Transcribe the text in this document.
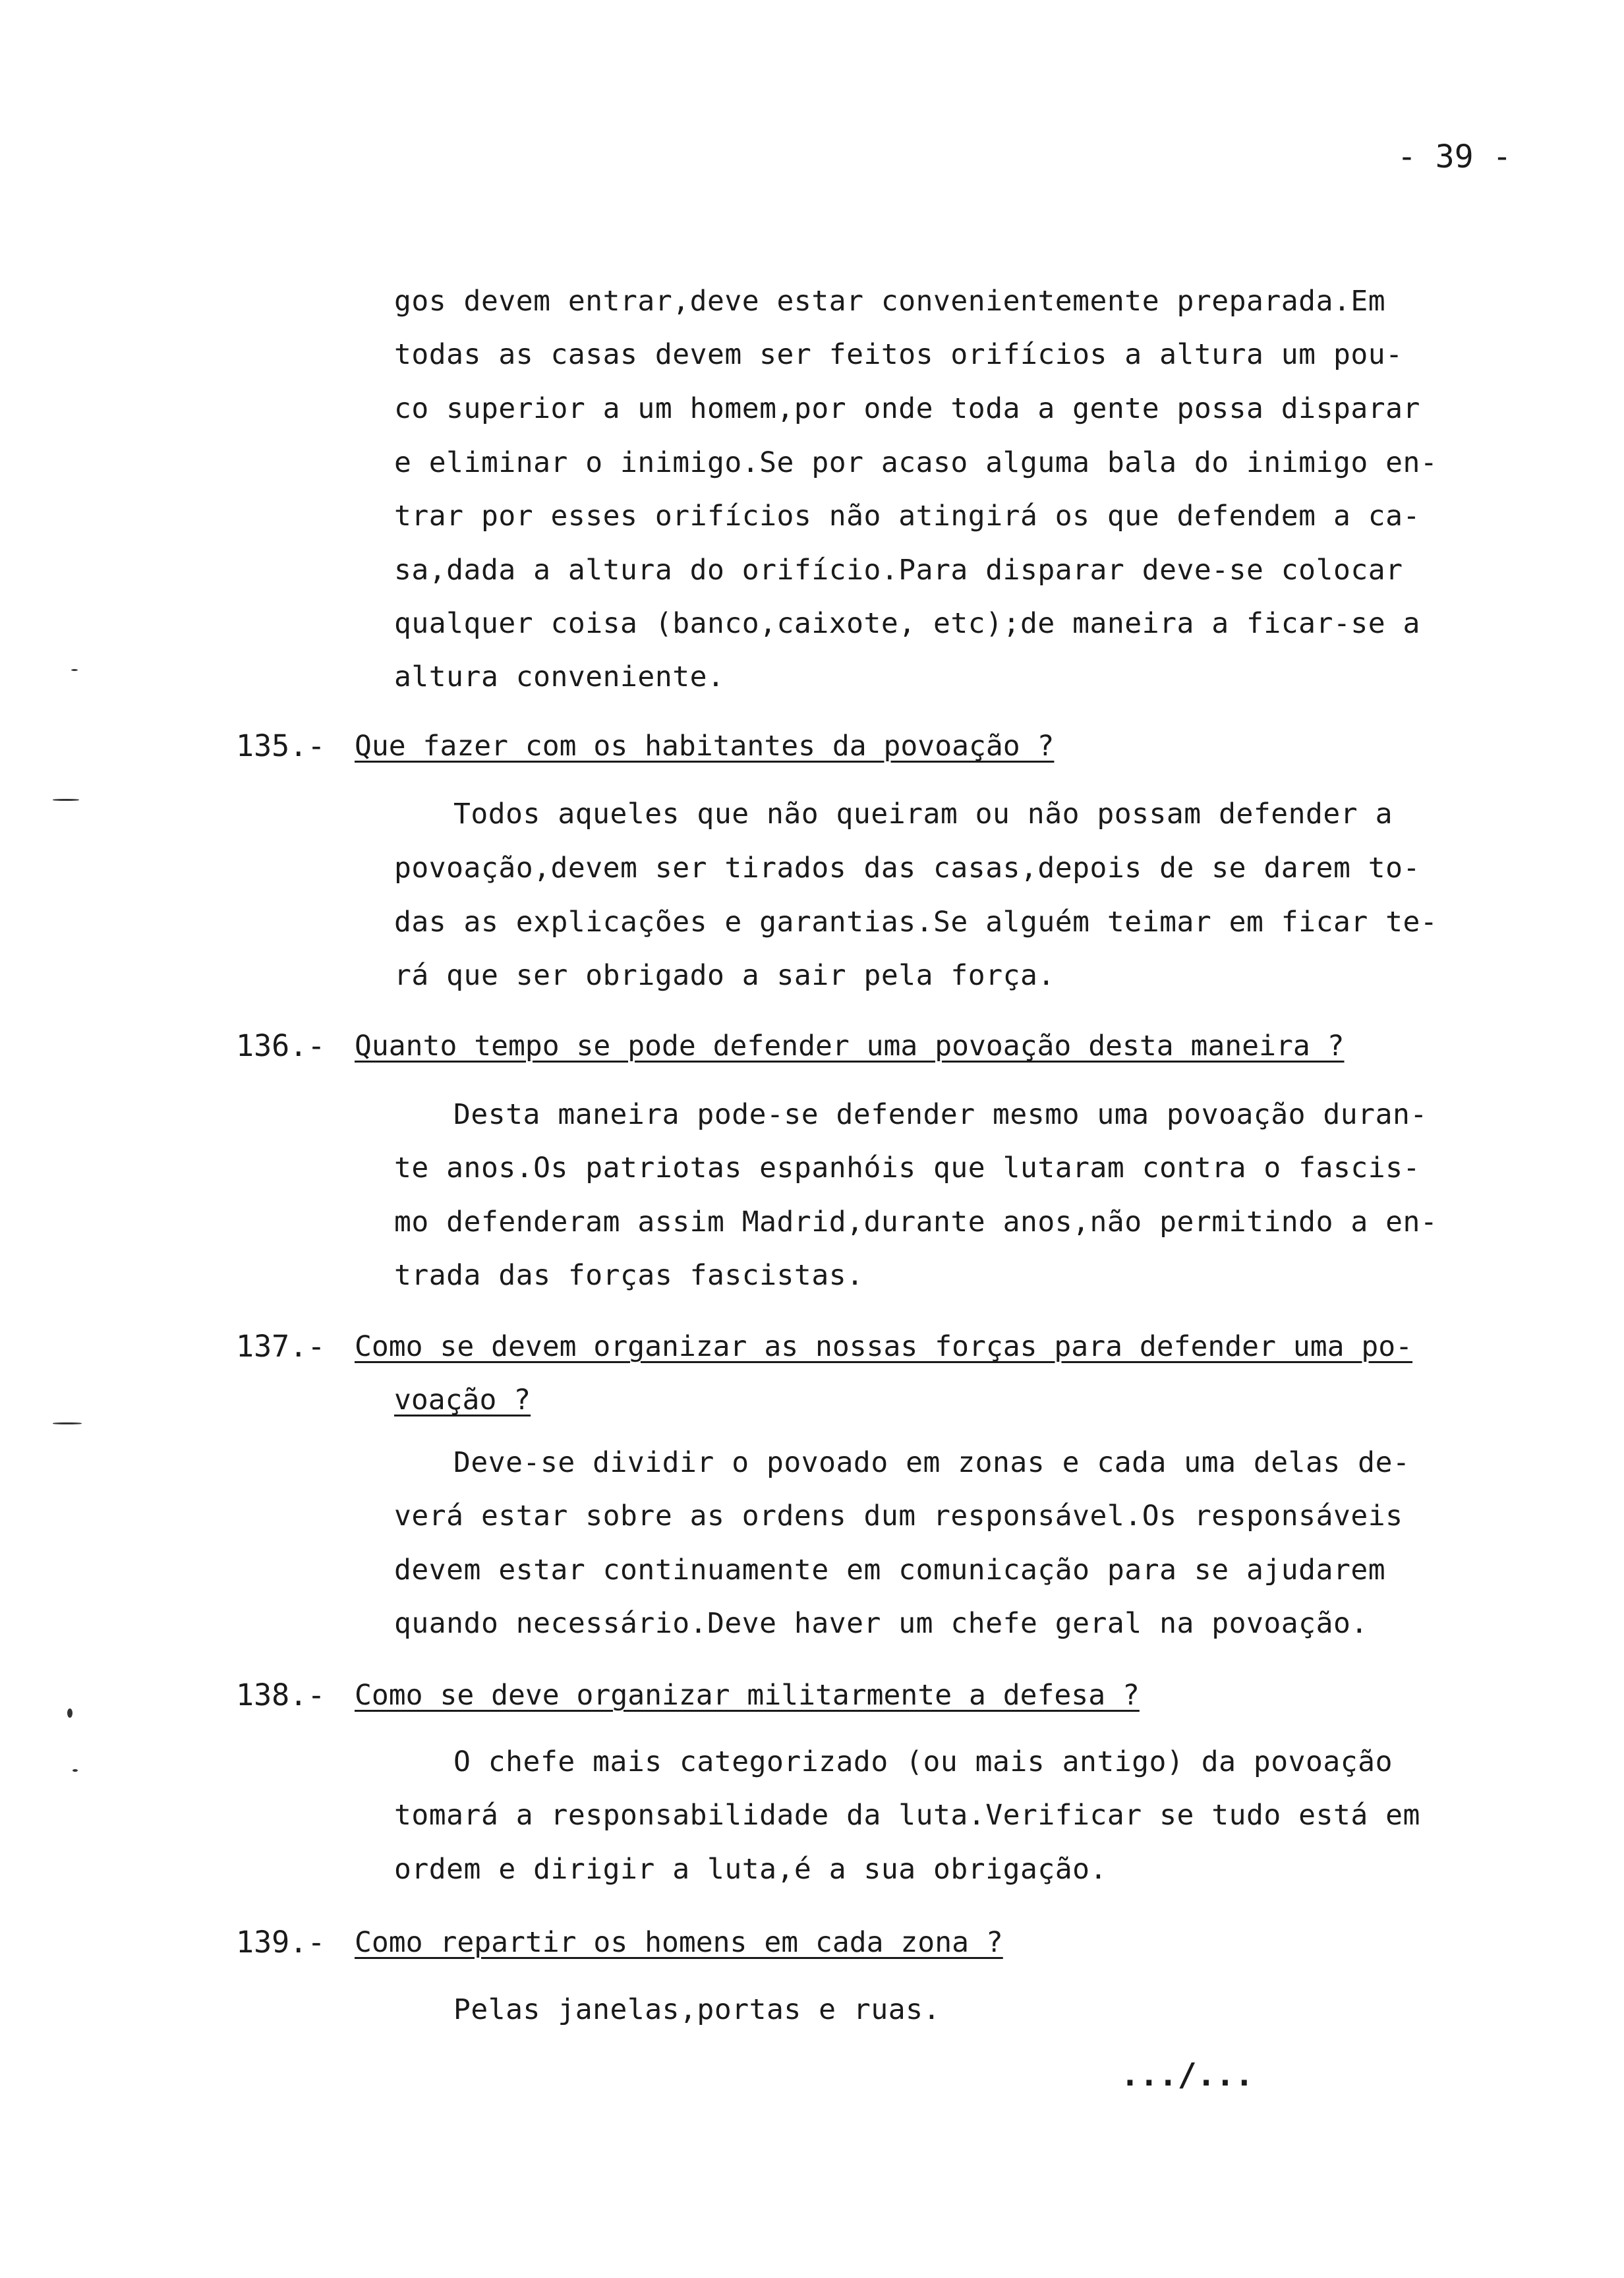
- 39 -
gos devem entrar,deve estar convenientemente preparada.Em
todas as casas devem ser feitos orifícios a altura um pou-
co superior a um homem,por onde toda a gente possa disparar
e eliminar o inimigo.Se por acaso alguma bala do inimigo en-
trar por esses orifícios não atingirá os que defendem a ca-
sa,dada a altura do orifício.Para disparar deve-se colocar
qualquer coisa (banco,caixote, etc);de maneira a ficar-se a
altura conveniente.
135.- Que fazer com os habitantes da povoação ?
Todos aqueles que não queiram ou não possam defender a
povoação,devem ser tirados das casas,depois de se darem to-
das as explicações e garantias.Se alguém teimar em ficar te-
rá que ser obrigado a sair pela força.
136.- Quanto tempo se pode defender uma povoação desta maneira ?
Desta maneira pode-se defender mesmo uma povoação duran-
te anos.Os patriotas espanhóis que lutaram contra o fascis-
mo defenderam assim Madrid,durante anos,não permitindo a en-
trada das forças fascistas.
137.- Como se devem organizar as nossas forças para defender uma po-
voação ?
Deve-se dividir o povoado em zonas e cada uma delas de-
verá estar sobre as ordens dum responsável.Os responsáveis
devem estar continuamente em comunicação para se ajudarem
quando necessário.Deve haver um chefe geral na povoação.
138.- Como se deve organizar militarmente a defesa ?
O chefe mais categorizado (ou mais antigo) da povoação
tomará a responsabilidade da luta.Verificar se tudo está em
ordem e dirigir a luta,é a sua obrigação.
139.- Como repartir os homens em cada zona ?
Pelas janelas,portas e ruas.
.../...
